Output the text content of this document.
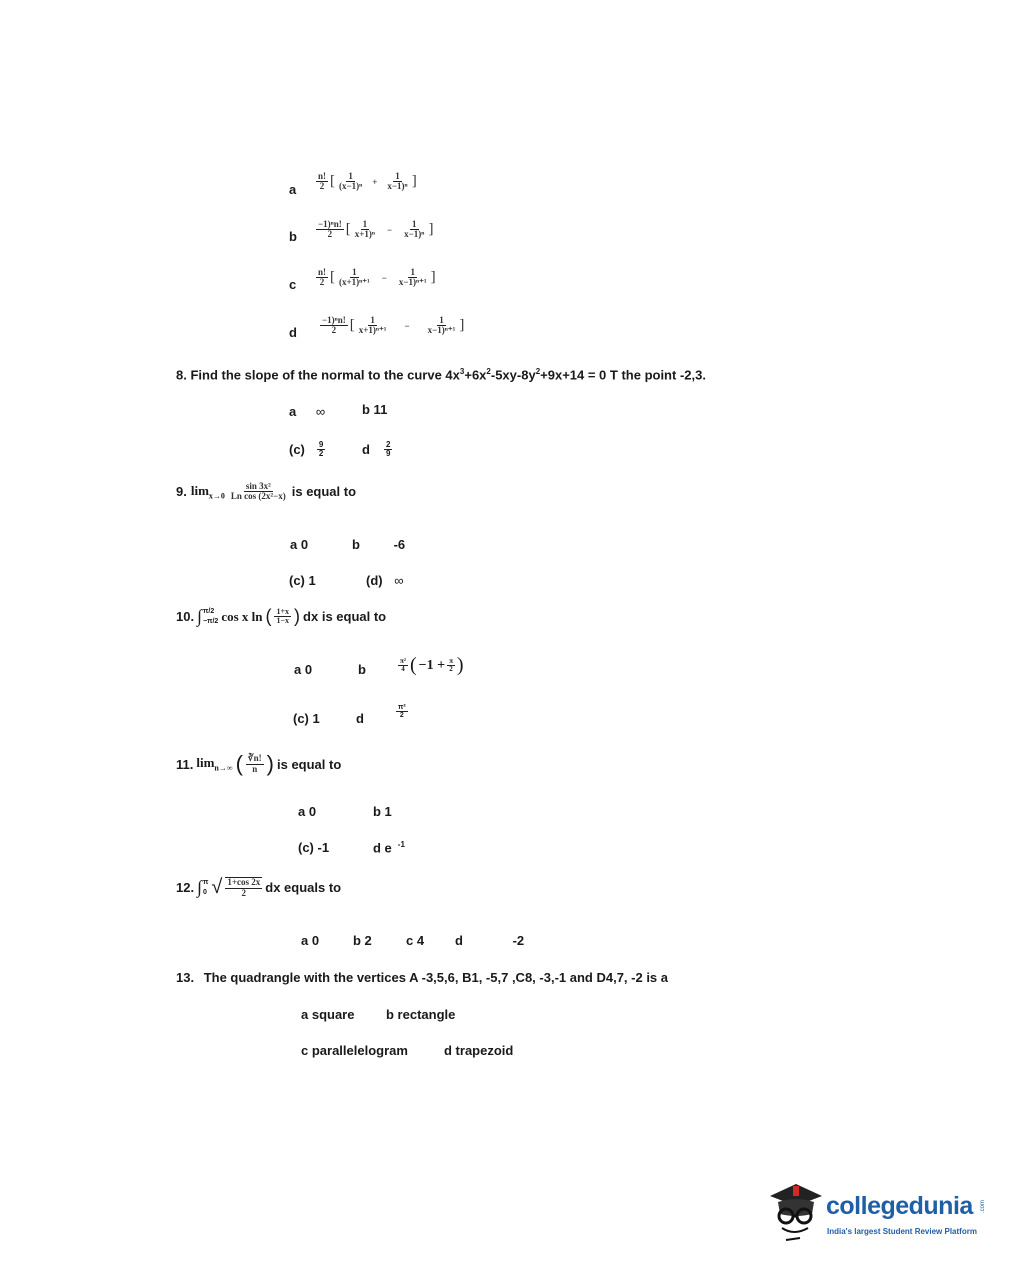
a $\frac{n!}{2}$ [ $\frac{1}{\text{(x−1)ⁿ}} + \frac{1}{\text{x−1)ⁿ}}$ ]
b $\frac{\text{−1)ⁿn!}}{2}$ [ $\frac{1}{\text{x+1)ⁿ}}$	−	$\frac{1}{\text{x−1)ⁿ}}$ ]
c $\frac{n!}{2}$ [ $\frac{1}{\text{(x+1)ⁿ⁺¹}}$	−	$\frac{1}{\text{x−1)ⁿ⁺¹}}$ ]
d	$\frac{\text{−1)ⁿn!}}{2}$ [ $\frac{1}{\text{x+1)ⁿ⁺¹}}$	−	$\frac{1}{\text{x−1)ⁿ⁺¹}}$ ]
8. Find the slope of the normal to the curve $4x^3+6x^2-5xy-8y^2+9x+14 = 0$ T the point -2,3.
a ∞	b 11
$(c) \frac{9}{2}$	d $\frac{2}{9}$
9. $\lim_{x\to 0} \frac{\text{sin 3x²}}{\text{Ln cos (2x²−x)}}$ is equal to
a 0	b	-6
(c) 1	(d) ∞
10. ∫ π/2
−π/2 cos x ln ( $\frac{1+x}{1-x}$ ) dx is equal to
a 0	b	$\frac{\text{π²}}{4}$ ( $-1 + \frac{\pi}{2}$ )
(c) 1	d	$\frac{\text{π²}}{2}$
11. $\lim_{n\to\infty}$ ( $\frac{∛n!}{n}$ ) is equal to
a 0	b 1
(c) -1	d e $^{-1}$
12. ∫ π
0 √ $\frac{1+\cos 2x}{2}$ dx equals to
a 0	b 2	c 4 d	-2
13. The quadrangle with the vertices A -3,5,6, B1, -5,7 ,C8, -3,-1 and D4,7, -2 is a
a square b rectangle
c parallelelogram	d trapezoid
collegedunia .com
India's largest Student Review Platform
